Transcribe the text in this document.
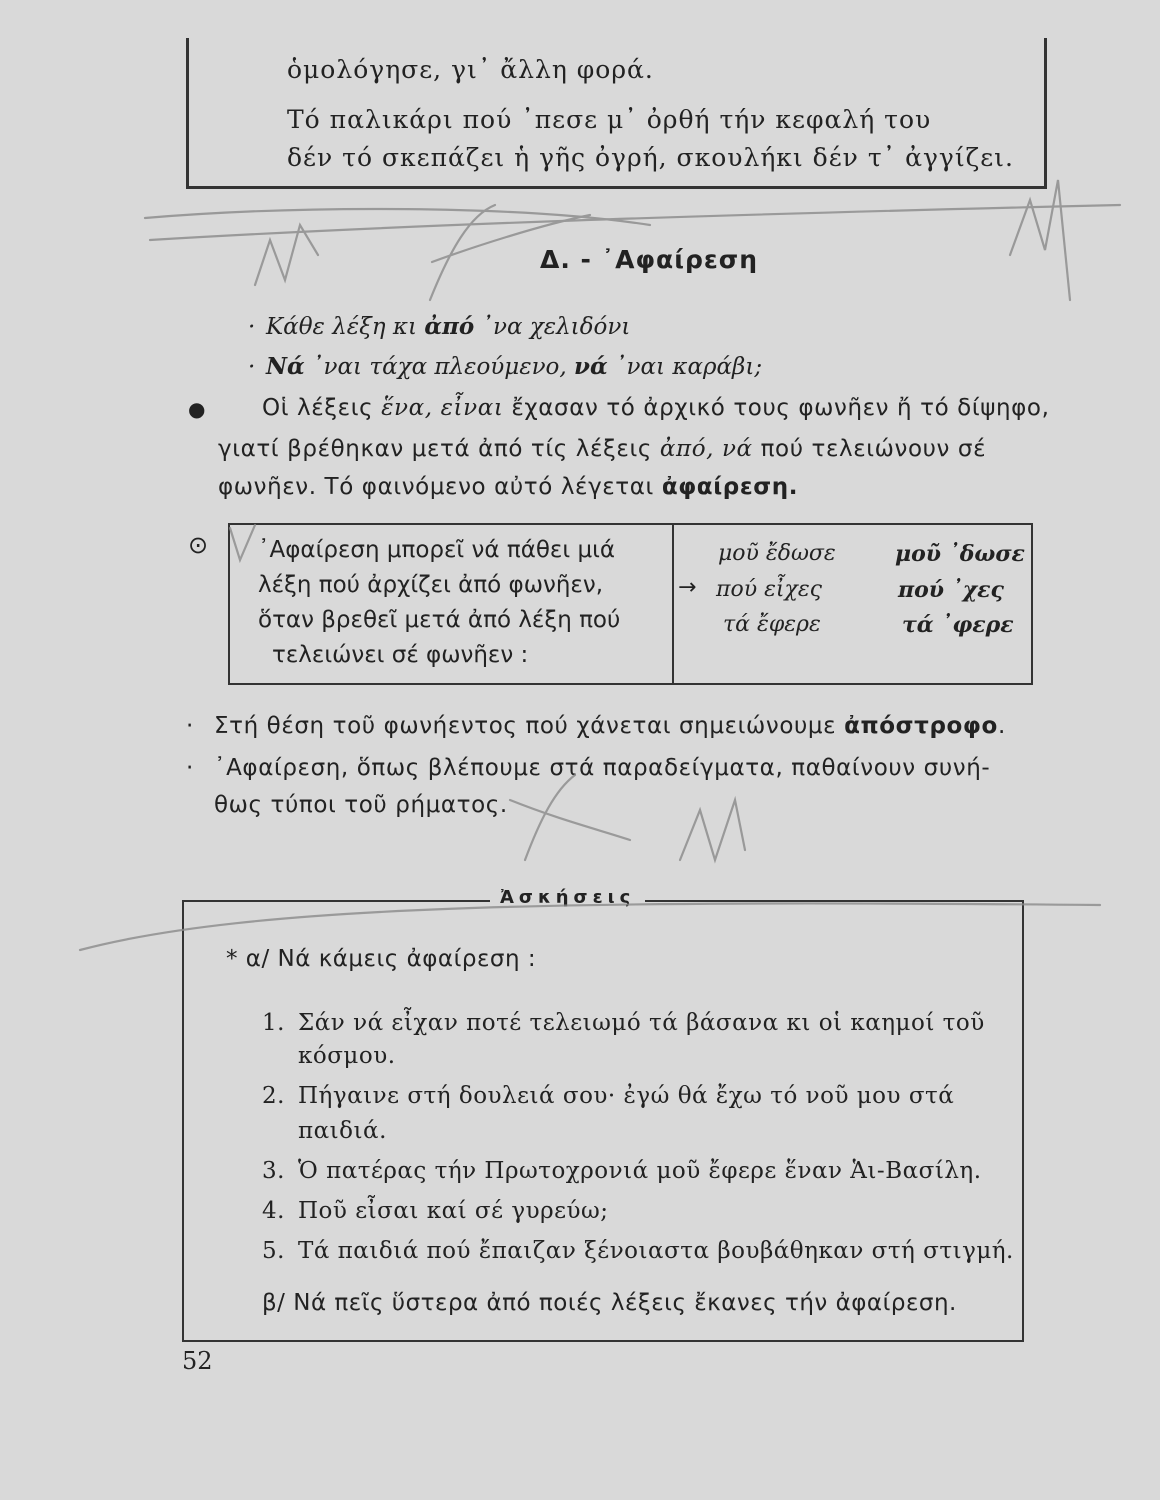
ὁμολόγησε, γι᾿ ἄλλη φορά.
Τό παλικάρι πού ᾿πεσε μ᾿ ὀρθή τήν κεφαλή του
δέν τό σκεπάζει ἡ γῆς ὀγρή, σκουλήκι δέν τ᾿ ἀγγίζει.
Δ. - ᾿Αφαίρεση
· Κάθε λέξη κι ἀπό ᾿να χελιδόνι
· Νά ᾿ναι τάχα πλεούμενο, νά ᾿ναι καράβι;
● Οἱ λέξεις ἕνα, εἶναι ἔχασαν τό ἀρχικό τους φωνῆεν ἤ τό δίψηφο,
γιατί βρέθηκαν μετά ἀπό τίς λέξεις ἀπό, νά πού τελειώνουν σέ
φωνῆεν. Τό φαινόμενο αὐτό λέγεται ἀφαίρεση.
⊙ ᾿Αφαίρεση μπορεῖ νά πάθει μιά
λέξη πού ἀρχίζει ἀπό φωνῆεν,
ὅταν βρεθεῖ μετά ἀπό λέξη πού
τελειώνει σέ φωνῆεν :
→
μοῦ ἔδωσε
πού εἶχες
τά ἔφερε
μοῦ ᾿δωσε
πού ᾿χες
τά ᾿φερε
· Στή θέση τοῦ φωνήεντος πού χάνεται σημειώνουμε ἀπόστροφο.
· ᾿Αφαίρεση, ὅπως βλέπουμε στά παραδείγματα, παθαίνουν συνή-
θως τύποι τοῦ ρήματος.
Ἀσκήσεις
* α/ Νά κάμεις ἀφαίρεση :
1. Σάν νά εἶχαν ποτέ τελειωμό τά βάσανα κι οἱ καημοί τοῦ
κόσμου.
2. Πήγαινε στή δουλειά σου· ἐγώ θά ἔχω τό νοῦ μου στά
παιδιά.
3. Ὁ πατέρας τήν Πρωτοχρονιά μοῦ ἔφερε ἕναν Ἁι-Βασίλη.
4. Ποῦ εἶσαι καί σέ γυρεύω;
5. Τά παιδιά πού ἔπαιζαν ξένοιαστα βουβάθηκαν στή στιγμή.
β/ Νά πεῖς ὕστερα ἀπό ποιές λέξεις ἔκανες τήν ἀφαίρεση.
52
